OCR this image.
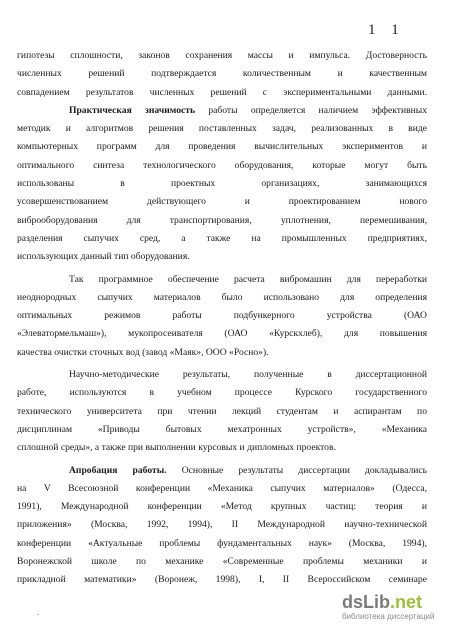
1 1
гипотезы сплошности, законов сохранения массы и импульса. Достоверность
численных решений подтверждается количественным и качественным
совпадением результатов численных решений с экспериментальными данными.
Практическая значимость работы определяется наличием эффективных
методик и алгоритмов решения поставленных задач, реализованных в виде
компьютерных программ для проведения вычислительных экспериментов и
оптимального синтеза технологического оборудования, которые могут быть
использованы в проектных организациях, занимающихся
усовершенствованием действующего и проектированием нового
виброоборудования для транспортирования, уплотнения, перемешивания,
разделения сыпучих сред, а также на промышленных предприятиях,
использующих данный тип оборудования.
Так программное обеспечение расчета вибромашин для переработки
неоднородных сыпучих материалов было использовано для определения
оптимальных режимов работы подбункерного устройства (ОАО
«Элеватормельмаш»), мукопросеивателя (ОАО «Курскхлеб), для повышения
качества очистки сточных вод (завод «Маяк», ООО «Росно»).
Научно-методические результаты, полученные в диссертационной
работе, используются в учебном процессе Курского государственного
технического университета при чтении лекций студентам и аспирантам по
дисциплинам «Приводы бытовых мехатронных устройств», «Механика
сплошной среды», а также при выполнении курсовых и дипломных проектов.
Апробация работы. Основные результаты диссертации докладывались
на V Всесоюзной конференции «Механика сыпучих материалов» (Одесса,
1991), Международной конференции «Метод крупных частиц: теория и
приложения» (Москва, 1992, 1994), II Международной научно-технической
конференции «Актуальные проблемы фундаментальных наук» (Москва, 1994),
Воронежской школе по механике «Современные проблемы механики и
прикладной математики» (Воронеж, 1998), I, II Всероссийском семинаре
.
dsLib.net
библиотека диссертаций
